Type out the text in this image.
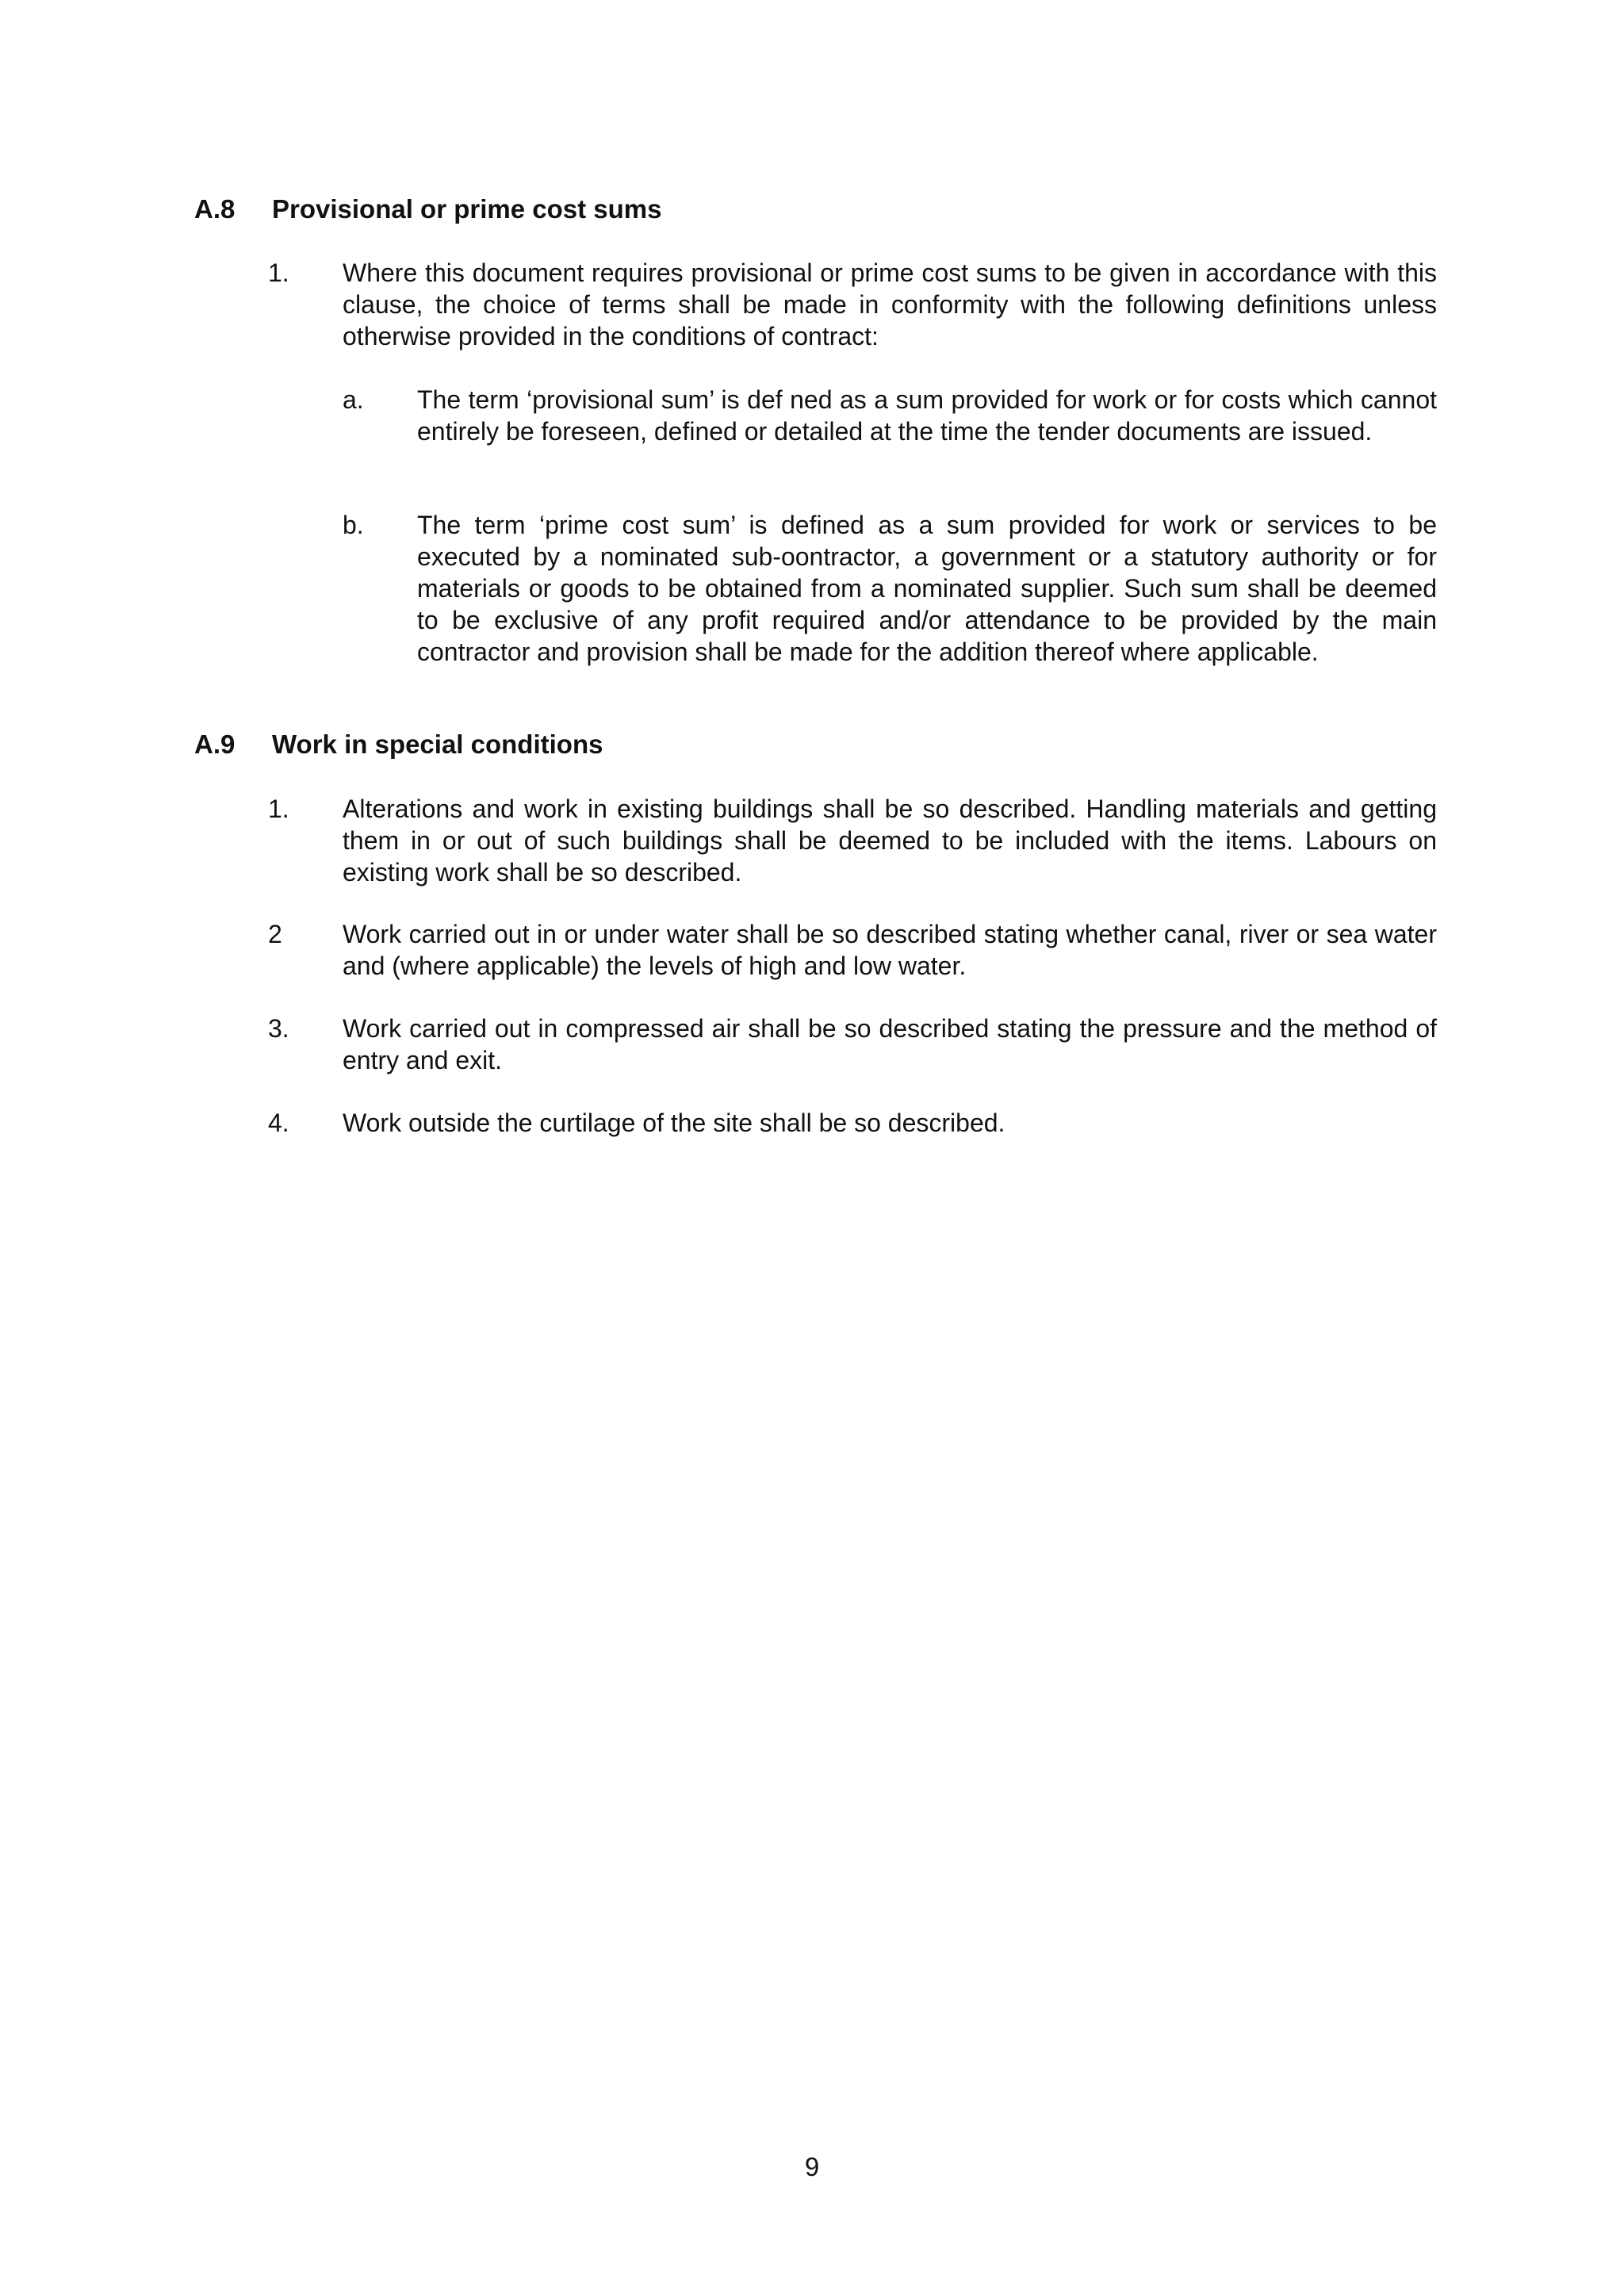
A.8 Provisional or prime cost sums
1. Where this document requires provisional or prime cost sums to be given in accordance with this clause, the choice of terms shall be made in conformity with the following definitions unless otherwise provided in the conditions of contract:
a. The term ‘provisional sum’ is def ned as a sum provided for work or for costs which cannot entirely be foreseen, defined or detailed at the time the tender documents are issued.
b. The term ‘prime cost sum’ is defined as a sum provided for work or services to be executed by a nominated sub-oontractor, a government or a statutory authority or for materials or goods to be obtained from a nominated supplier. Such sum shall be deemed to be exclusive of any profit required and/or attendance to be provided by the main contractor and provision shall be made for the addition thereof where applicable.
A.9 Work in special conditions
1. Alterations and work in existing buildings shall be so described. Handling materials and getting them in or out of such buildings shall be deemed to be included with the items. Labours on existing work shall be so described.
2 Work carried out in or under water shall be so described stating whether canal, river or sea water and (where applicable) the levels of high and low water.
3. Work carried out in compressed air shall be so described stating the pressure and the method of entry and exit.
4. Work outside the curtilage of the site shall be so described.
9
